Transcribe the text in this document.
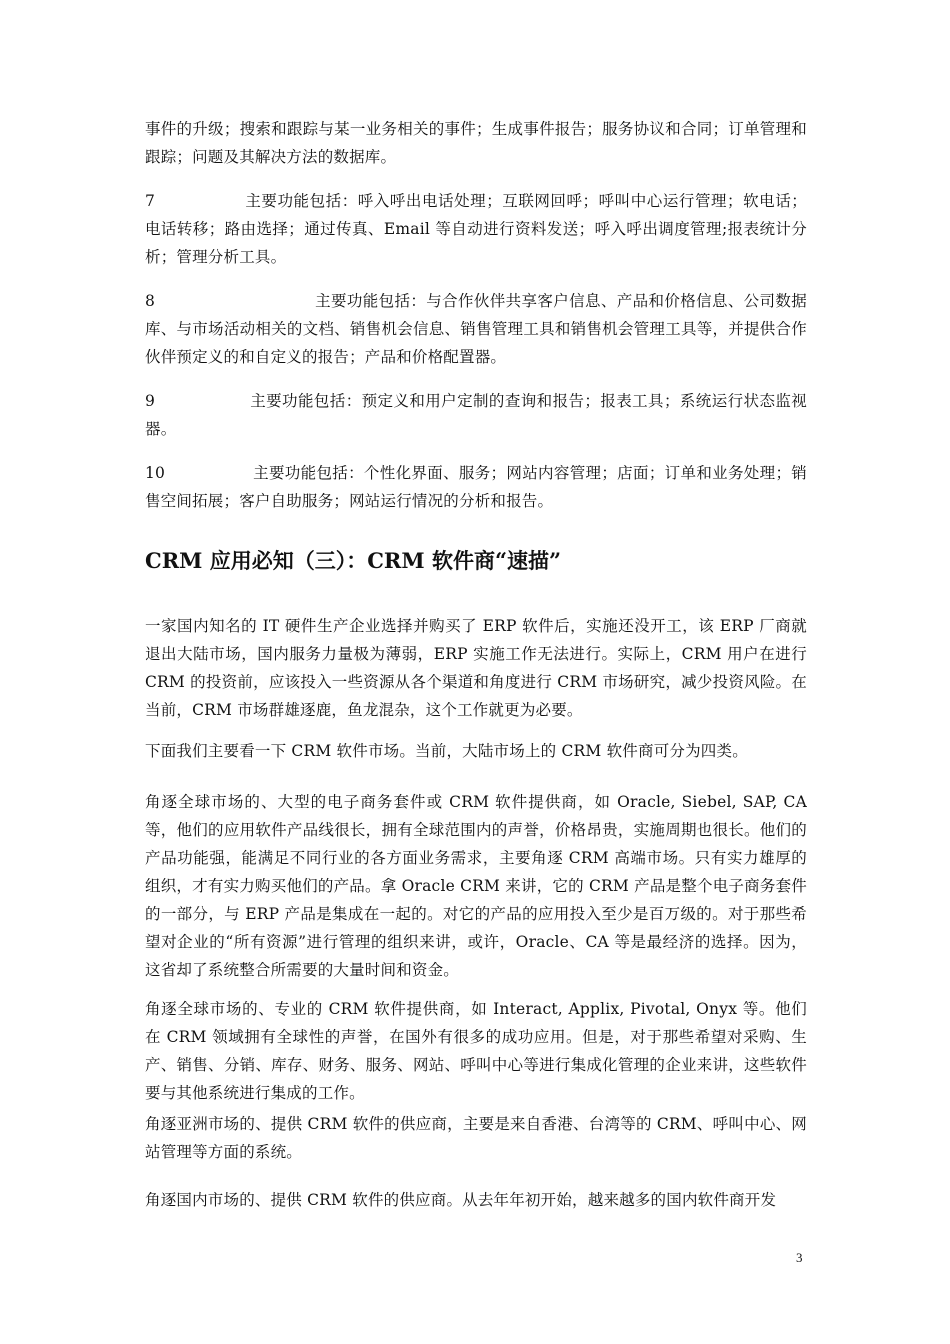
事件的升级；搜索和跟踪与某一业务相关的事件；生成事件报告；服务协议和合同；订单管理和跟踪；问题及其解决方法的数据库。

7	主要功能包括：呼入呼出电话处理；互联网回呼；呼叫中心运行管理；软电话；电话转移；路由选择；通过传真、Email 等自动进行资料发送；呼入呼出调度管理;报表统计分析；管理分析工具。

8	主要功能包括：与合作伙伴共享客户信息、产品和价格信息、公司数据库、与市场活动相关的文档、销售机会信息、销售管理工具和销售机会管理工具等，并提供合作伙伴预定义的和自定义的报告；产品和价格配置器。

9	主要功能包括：预定义和用户定制的查询和报告；报表工具；系统运行状态监视器。

10	主要功能包括：个性化界面、服务；网站内容管理；店面；订单和业务处理；销售空间拓展；客户自助服务；网站运行情况的分析和报告。

CRM 应用必知（三）：CRM 软件商“速描”

一家国内知名的 IT 硬件生产企业选择并购买了 ERP 软件后，实施还没开工，该 ERP 厂商就退出大陆市场，国内服务力量极为薄弱，ERP 实施工作无法进行。实际上，CRM 用户在进行 CRM 的投资前，应该投入一些资源从各个渠道和角度进行 CRM 市场研究，减少投资风险。在当前，CRM 市场群雄逐鹿，鱼龙混杂，这个工作就更为必要。

下面我们主要看一下 CRM 软件市场。当前，大陆市场上的 CRM 软件商可分为四类。

角逐全球市场的、大型的电子商务套件或 CRM 软件提供商，如 Oracle, Siebel, SAP, CA 等，他们的应用软件产品线很长，拥有全球范围内的声誉，价格昂贵，实施周期也很长。他们的产品功能强，能满足不同行业的各方面业务需求，主要角逐 CRM 高端市场。只有实力雄厚的组织，才有实力购买他们的产品。拿 Oracle CRM 来讲，它的 CRM 产品是整个电子商务套件的一部分，与 ERP 产品是集成在一起的。对它的产品的应用投入至少是百万级的。对于那些希望对企业的“所有资源”进行管理的组织来讲，或许，Oracle、CA 等是最经济的选择。因为，这省却了系统整合所需要的大量时间和资金。

角逐全球市场的、专业的 CRM 软件提供商，如 Interact, Applix, Pivotal, Onyx 等。他们在 CRM 领域拥有全球性的声誉，在国外有很多的成功应用。但是，对于那些希望对采购、生产、销售、分销、库存、财务、服务、网站、呼叫中心等进行集成化管理的企业来讲，这些软件要与其他系统进行集成的工作。

角逐亚洲市场的、提供 CRM 软件的供应商，主要是来自香港、台湾等的 CRM、呼叫中心、网站管理等方面的系统。

角逐国内市场的、提供 CRM 软件的供应商。从去年年初开始，越来越多的国内软件商开发

3
